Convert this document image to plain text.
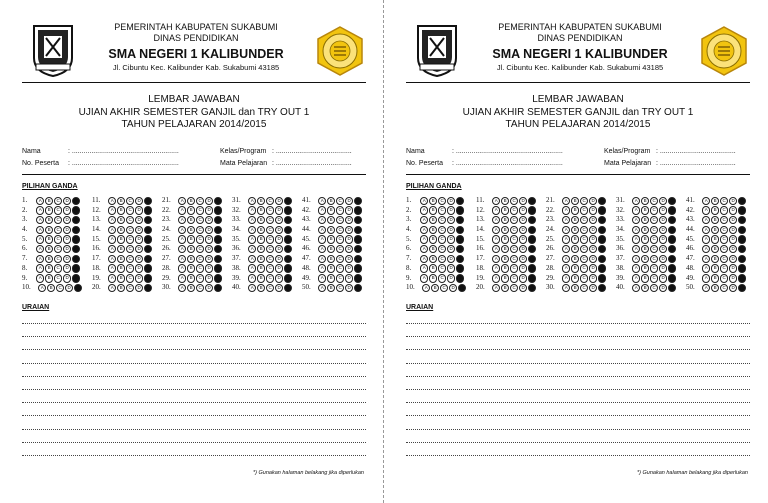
PEMERINTAH KABUPATEN SUKABUMI
DINAS PENDIDIKAN
SMA NEGERI 1 KALIBUNDER
Jl. Cibuntu Kec. Kalibunder Kab. Sukabumi 43185
LEMBAR JAWABAN
UJIAN AKHIR SEMESTER GANJIL dan TRY OUT 1
TAHUN PELAJARAN 2014/2015
Nama	: .......................................................	Kelas/Program : .......................................
No. Peserta : .......................................................	Mata Pelajaran : .......................................
PILIHAN GANDA
1.	A	B	C	D	E
2.	A	B	C	D	E
3.	A	B	C	D	E
4.	A	B	C	D	E
5.	A	B	C	D	E
6.	A	B	C	D	E
7.	A	B	C	D	E
8.	A	B	C	D	E
9.	A	B	C	D	E
10.	A	B	C	D	E
11.	A	B	C	D	E
12.	A	B	C	D	E
13.	A	B	C	D	E
14.	A	B	C	D	E
15.	A	B	C	D	E
16.	A	B	C	D	E
17.	A	B	C	D	E
18.	A	B	C	D	E
19.	A	B	C	D	E
20.	A	B	C	D	E
21.	A	B	C	D	E
22.	A	B	C	D	E
23.	A	B	C	D	E
24.	A	B	C	D	E
25.	A	B	C	D	E
26.	A	B	C	D	E
27.	A	B	C	D	E
28.	A	B	C	D	E
29.	A	B	C	D	E
30.	A	B	C	D	E
31.	A	B	C	D	E
32.	A	B	C	D	E
33.	A	B	C	D	E
34.	A	B	C	D	E
35.	A	B	C	D	E
36.	A	B	C	D	E
37.	A	B	C	D	E
38.	A	B	C	D	E
39.	A	B	C	D	E
40.	A	B	C	D	E
41.	A	B	C	D	E
42.	A	B	C	D	E
43.	A	B	C	D	E
44.	A	B	C	D	E
45.	A	B	C	D	E
46.	A	B	C	D	E
47.	A	B	C	D	E
48.	A	B	C	D	E
49.	A	B	C	D	E
50.	A	B	C	D	E
URAIAN
*) Gunakan halaman belakang jika diperlukan
PEMERINTAH KABUPATEN SUKABUMI
DINAS PENDIDIKAN
SMA NEGERI 1 KALIBUNDER
Jl. Cibuntu Kec. Kalibunder Kab. Sukabumi 43185
LEMBAR JAWABAN
UJIAN AKHIR SEMESTER GANJIL dan TRY OUT 1
TAHUN PELAJARAN 2014/2015
Nama	: .......................................................	Kelas/Program : .......................................
No. Peserta : .......................................................	Mata Pelajaran : .......................................
PILIHAN GANDA
1.	A	B	C	D	E
2.	A	B	C	D	E
3.	A	B	C	D	E
4.	A	B	C	D	E
5.	A	B	C	D	E
6.	A	B	C	D	E
7.	A	B	C	D	E
8.	A	B	C	D	E
9.	A	B	C	D	E
10.	A	B	C	D	E
11.	A	B	C	D	E
12.	A	B	C	D	E
13.	A	B	C	D	E
14.	A	B	C	D	E
15.	A	B	C	D	E
16.	A	B	C	D	E
17.	A	B	C	D	E
18.	A	B	C	D	E
19.	A	B	C	D	E
20.	A	B	C	D	E
21.	A	B	C	D	E
22.	A	B	C	D	E
23.	A	B	C	D	E
24.	A	B	C	D	E
25.	A	B	C	D	E
26.	A	B	C	D	E
27.	A	B	C	D	E
28.	A	B	C	D	E
29.	A	B	C	D	E
30.	A	B	C	D	E
31.	A	B	C	D	E
32.	A	B	C	D	E
33.	A	B	C	D	E
34.	A	B	C	D	E
35.	A	B	C	D	E
36.	A	B	C	D	E
37.	A	B	C	D	E
38.	A	B	C	D	E
39.	A	B	C	D	E
40.	A	B	C	D	E
41.	A	B	C	D	E
42.	A	B	C	D	E
43.	A	B	C	D	E
44.	A	B	C	D	E
45.	A	B	C	D	E
46.	A	B	C	D	E
47.	A	B	C	D	E
48.	A	B	C	D	E
49.	A	B	C	D	E
50.	A	B	C	D	E
URAIAN
*) Gunakan halaman belakang jika diperlukan
